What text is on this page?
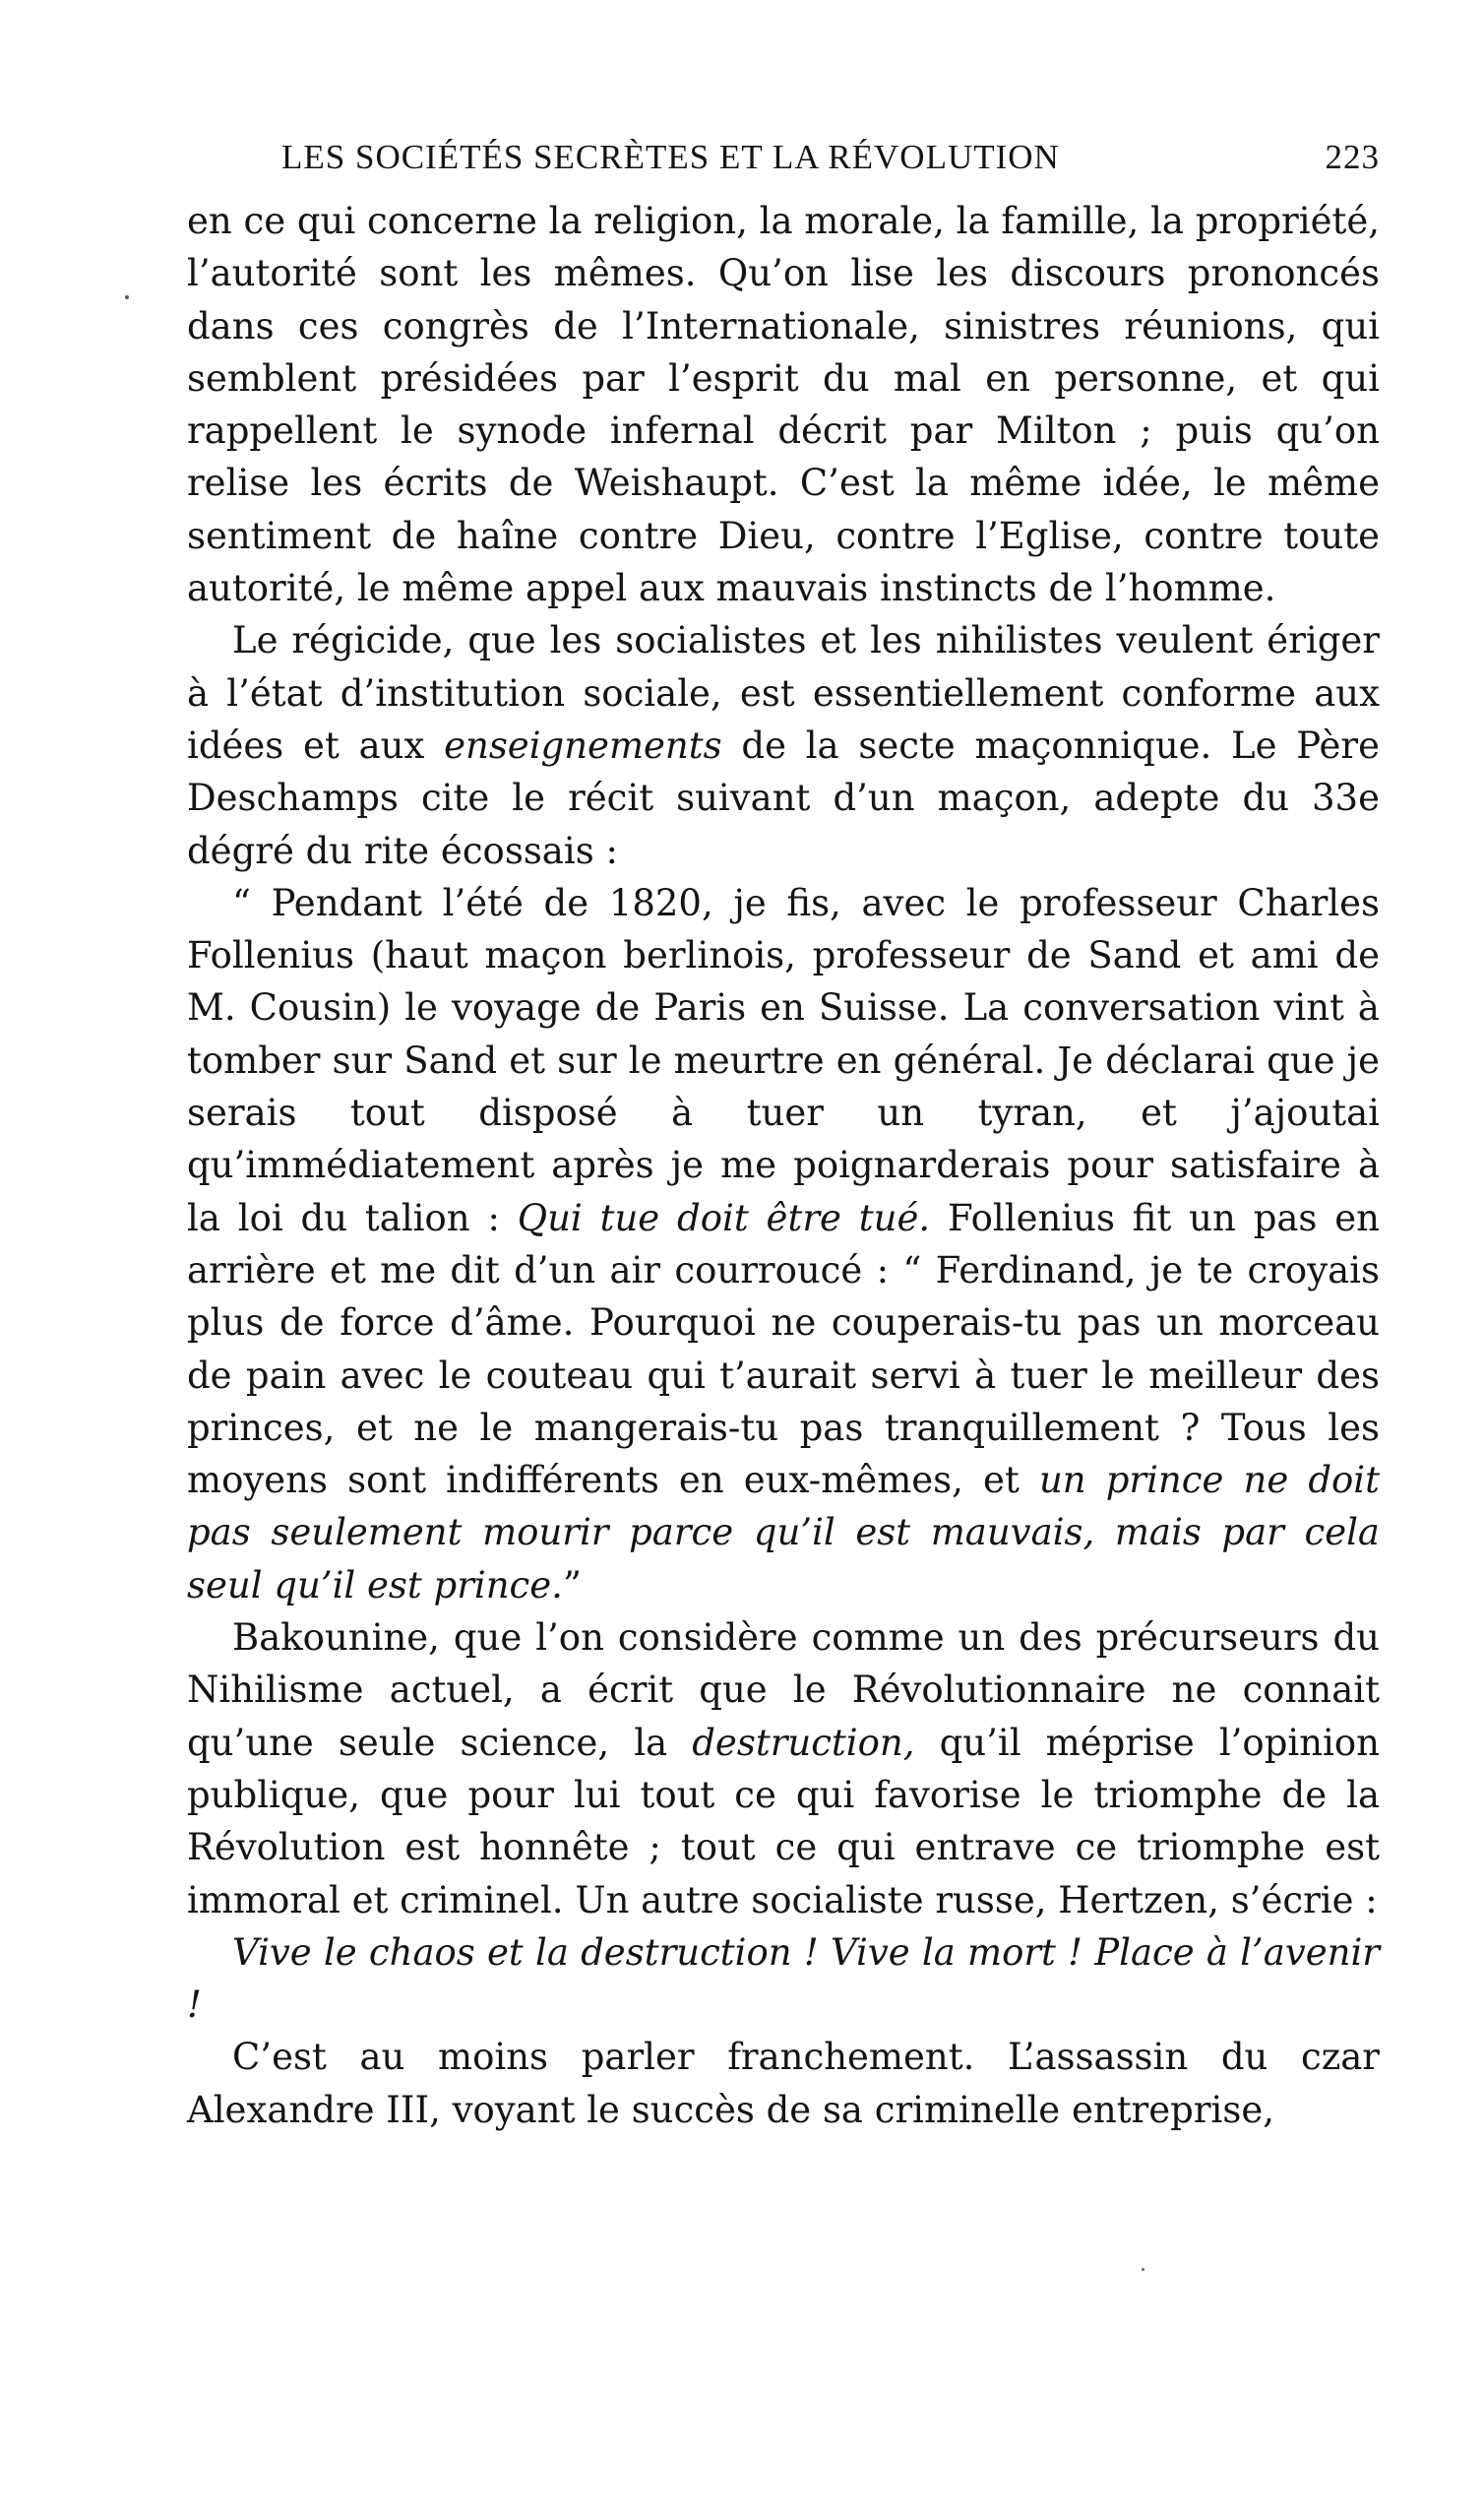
LES SOCIÉTÉS SECRÈTES ET LA RÉVOLUTION	223

en ce qui concerne la religion, la morale, la famille, la propriété, l’autorité sont les mêmes. Qu’on lise les discours prononcés dans ces congrès de l’Internationale, sinistres réunions, qui semblent présidées par l’esprit du mal en personne, et qui rappellent le synode infernal décrit par Milton ; puis qu’on relise les écrits de Weishaupt. C’est la même idée, le même sentiment de haîne contre Dieu, contre l’Eglise, contre toute autorité, le même appel aux mauvais instincts de l’homme.

Le régicide, que les socialistes et les nihilistes veulent ériger à l’état d’institution sociale, est essentiellement conforme aux idées et aux enseignements de la secte maçonnique. Le Père Deschamps cite le récit suivant d’un maçon, adepte du 33e dégré du rite écossais :

“ Pendant l’été de 1820, je fis, avec le professeur Charles Follenius (haut maçon berlinois, professeur de Sand et ami de M. Cousin) le voyage de Paris en Suisse. La conversation vint à tomber sur Sand et sur le meurtre en général. Je déclarai que je serais tout disposé à tuer un tyran, et j’ajoutai qu’immédiatement après je me poignarderais pour satisfaire à la loi du talion : Qui tue doit être tué. Follenius fit un pas en arrière et me dit d’un air courroucé : “ Ferdinand, je te croyais plus de force d’âme. Pourquoi ne couperais-tu pas un morceau de pain avec le couteau qui t’aurait servi à tuer le meilleur des princes, et ne le mangerais-tu pas tranquillement ? Tous les moyens sont indifférents en eux-mêmes, et un prince ne doit pas seulement mourir parce qu’il est mauvais, mais par cela seul qu’il est prince.”

Bakounine, que l’on considère comme un des précurseurs du Nihilisme actuel, a écrit que le Révolutionnaire ne connait qu’une seule science, la destruction, qu’il méprise l’opinion publique, que pour lui tout ce qui favorise le triomphe de la Révolution est honnête ; tout ce qui entrave ce triomphe est immoral et criminel. Un autre socialiste russe, Hertzen, s’écrie :

Vive le chaos et la destruction ! Vive la mort ! Place à l’avenir !

C’est au moins parler franchement. L’assassin du czar Alexandre III, voyant le succès de sa criminelle entreprise,
